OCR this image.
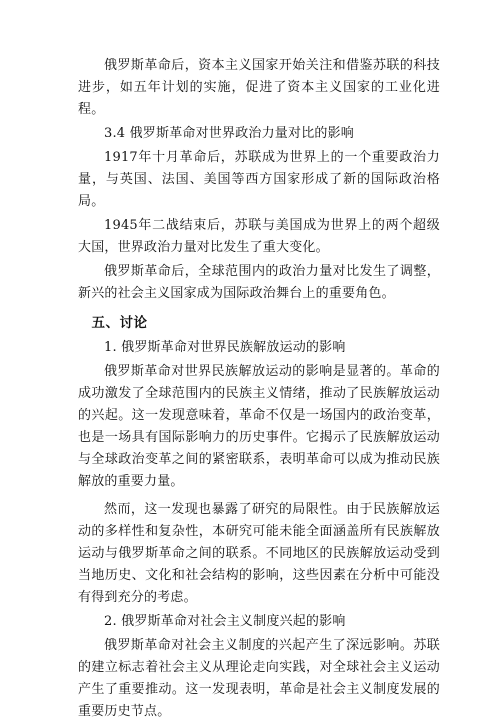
俄罗斯革命后，资本主义国家开始关注和借鉴苏联的科技进步，如五年计划的实施，促进了资本主义国家的工业化进程。

3.4 俄罗斯革命对世界政治力量对比的影响

1917年十月革命后，苏联成为世界上的一个重要政治力量，与英国、法国、美国等西方国家形成了新的国际政治格局。

1945年二战结束后，苏联与美国成为世界上的两个超级大国，世界政治力量对比发生了重大变化。

俄罗斯革命后，全球范围内的政治力量对比发生了调整，新兴的社会主义国家成为国际政治舞台上的重要角色。

五、讨论

1. 俄罗斯革命对世界民族解放运动的影响

俄罗斯革命对世界民族解放运动的影响是显著的。革命的成功激发了全球范围内的民族主义情绪，推动了民族解放运动的兴起。这一发现意味着，革命不仅是一场国内的政治变革，也是一场具有国际影响力的历史事件。它揭示了民族解放运动与全球政治变革之间的紧密联系，表明革命可以成为推动民族解放的重要力量。

然而，这一发现也暴露了研究的局限性。由于民族解放运动的多样性和复杂性，本研究可能未能全面涵盖所有民族解放运动与俄罗斯革命之间的联系。不同地区的民族解放运动受到当地历史、文化和社会结构的影响，这些因素在分析中可能没有得到充分的考虑。

2. 俄罗斯革命对社会主义制度兴起的影响

俄罗斯革命对社会主义制度的兴起产生了深远影响。苏联的建立标志着社会主义从理论走向实践，对全球社会主义运动产生了重要推动。这一发现表明，革命是社会主义制度发展的重要历史节点。
